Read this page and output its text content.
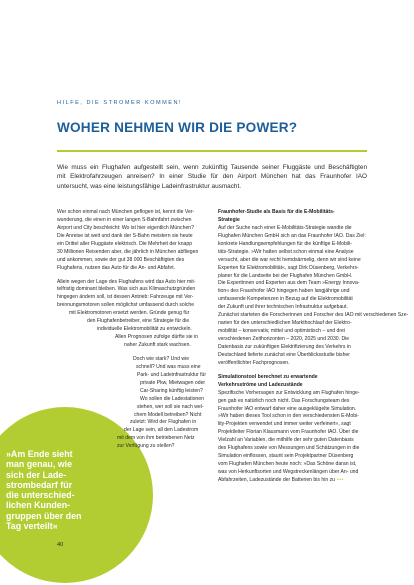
HILFE, DIE STROMER KOMMEN!
WOHER NEHMEN WIR DIE POWER?
Wie muss ein Flughafen aufgestellt sein, wenn zukünftig Tausende seiner Fluggäste und Beschäftigten
mit Elektrofahrzeugen anreisen? In einer Studie für den Airport München hat das Fraunhofer IAO
untersucht, was eine leistungsfähige Ladeinfrastruktur ausmacht.
»Am Ende sieht
man genau, wie
sich der Lade-
strombedarf für
die unterschied-
lichen Kunden-
gruppen über den
Tag verteilt«
Wer schon einmal nach München geflogen ist, kennt die Ver-
wunderung, die einen in einer langen S-Bahnfahrt zwischen
Airport und City beschleicht: Wo ist hier eigentlich München?
Die Anreise ist weit und dank der S-Bahn meistern sie heute
ein Drittel aller Fluggäste elektrisch. Die Mehrheit der knapp
30 Millionen Reisenden aber, die jährlich in München abfliegen
und ankommen, sowie der gut 38 000 Beschäftigten des
Flughafens, nutzen das Auto für die An- und Abfahrt.
Allein wegen der Lage des Flughafens wird das Auto hier mit-
telfristig dominant bleiben. Was sich aus Klimaschutzgründen
hingegen ändern soll, ist dessen Antrieb: Fahrzeuge mit Ver-
brennungsmotoren sollen möglichst umfassend durch solche
mit Elektromotoren ersetzt werden. Gründe genug für
den Flughafenbetreiber, eine Strategie für die
individuelle Elektromobilität zu entwickeln.
Allen Prognosen zufolge dürfte sie in
naher Zukunft stark wachsen.
Doch wie stark? Und wie
schnell? Und was muss eine
Park- und Ladeinfrastruktur für
private Pkw, Mietwagen oder
Car-Sharing künftig leisten?
Wo sollen die Ladestationen
stehen, wer soll sie nach wel-
chem Modell betreiben? Nicht
zuletzt: Wird der Flughafen in
der Lage sein, all den Ladestrom
mit dem von ihm betriebenen Netz
zur Verfügung zu stellen?
Fraunhofer-Studie als Basis für die E-Mobilitäts-
Strategie
Auf der Suche nach einer E-Mobilitäts-Strategie wandte die
Flughafen München GmbH sich an das Fraunhofer IAO. Das Ziel:
konkrete Handlungsempfehlungen für die künftige E-Mobili-
täts-Strategie. »Wir hatten selbst schon einmal eine Analyse
versucht, aber die war recht hemdsärmelig, denn wir sind keine
Experten für Elektromobilität«, sagt Dirk Düsenberg, Verkehrs-
planer für die Landseite bei der Flughafen München GmbH.
Die Expertinnen und Experten aus dem Team »Energy Innova-
tion« des Fraunhofer IAO hingegen haben langjährige und
umfassende Kompetenzen in Bezug auf die Elektromobilität
der Zukunft und ihrer technischen Infrastruktur aufgebaut.
Zunächst starteten die Forscherinnen und Forscher des IAO mit verschiedenen Sze-
narien für den unterschiedlichen Markthochlauf der Elektro-
mobilität – konservativ, mittel und optimistisch – und drei
verschiedenen Zeithorizonten – 2020, 2025 und 2030. Die
Datenbasis zur zukünftigen Elektrifizierung des Verkehrs in
Deutschland lieferte zunächst eine Überblicksstudie bisher
veröffentlichter Fachprognosen.
Simulationstool berechnet zu erwartende
Verkehrsströme und Ladezustände
Spezifische Vorhersagen zur Entwicklung am Flughafen hinge-
gen gab es natürlich noch nicht. Das Forschungsteam des
Fraunhofer IAO entwarf daher eine ausgeklügelte Simulation.
»Wir haben dieses Tool schon in den verschiedensten E-Mobi-
lity-Projekten verwendet und immer weiter verfeinert«, sagt
Projektleiter Florian Klausmann vom Fraunhofer IAO. Über die
Vielzahl an Variablen, die mithilfe der sehr guten Datenbasis
des Flughafens sowie von Messungen und Schätzungen in die
Simulation einflossen, staunt sein Projektpartner Düsenberg
vom Flughafen München heute noch: »Das Schöne daran ist,
was von Herkunftsorten und Wegstreckenlängen über An- und
Abfahrzeiten, Ladezustände der Batterien bis hin zu •••
40
